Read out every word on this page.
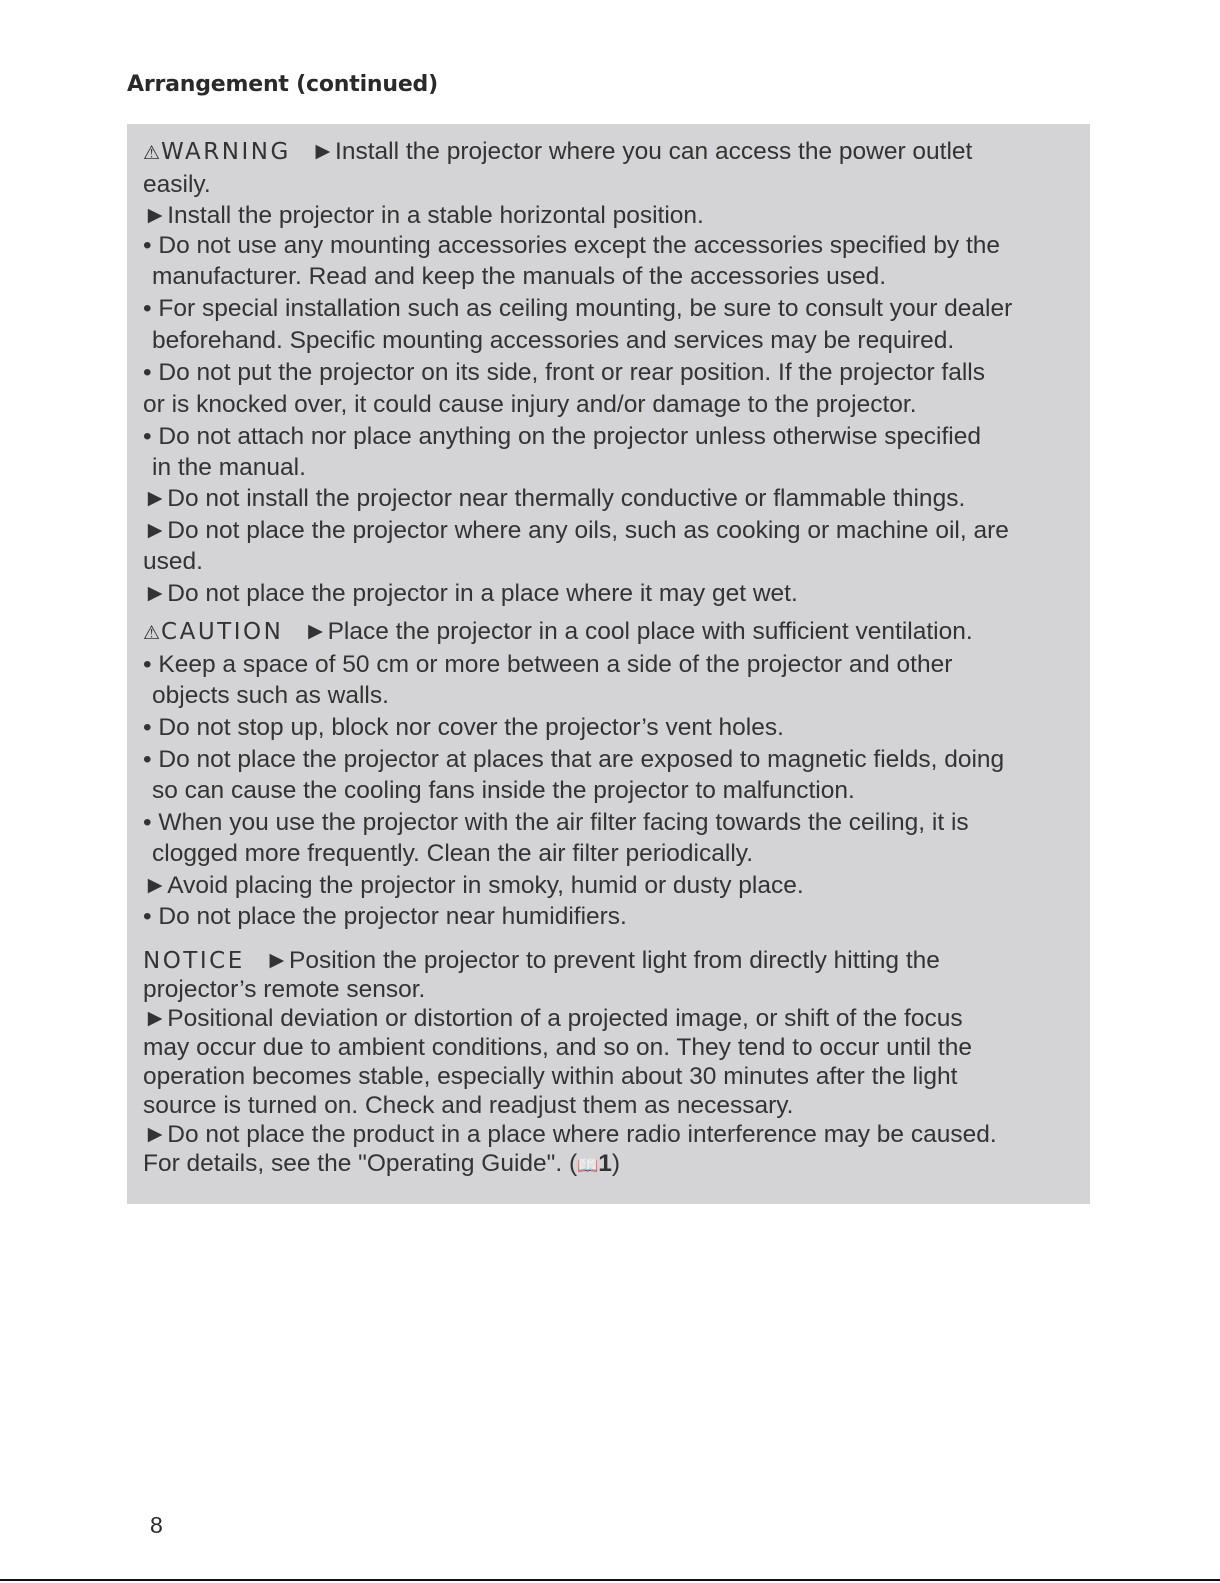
Arrangement (continued)
⚠WARNING ►Install the projector where you can access the power outlet
easily.
►Install the projector in a stable horizontal position.
• Do not use any mounting accessories except the accessories specified by the
manufacturer. Read and keep the manuals of the accessories used.
• For special installation such as ceiling mounting, be sure to consult your dealer
beforehand. Specific mounting accessories and services may be required.
• Do not put the projector on its side, front or rear position. If the projector falls
or is knocked over, it could cause injury and/or damage to the projector.
• Do not attach nor place anything on the projector unless otherwise specified
in the manual.
►Do not install the projector near thermally conductive or flammable things.
►Do not place the projector where any oils, such as cooking or machine oil, are
used.
►Do not place the projector in a place where it may get wet.
⚠CAUTION ►Place the projector in a cool place with sufficient ventilation.
• Keep a space of 50 cm or more between a side of the projector and other
objects such as walls.
• Do not stop up, block nor cover the projector’s vent holes.
• Do not place the projector at places that are exposed to magnetic fields, doing
so can cause the cooling fans inside the projector to malfunction.
• When you use the projector with the air filter facing towards the ceiling, it is
clogged more frequently. Clean the air filter periodically.
►Avoid placing the projector in smoky, humid or dusty place.
• Do not place the projector near humidifiers.
NOTICE ►Position the projector to prevent light from directly hitting the
projector’s remote sensor.
►Positional deviation or distortion of a projected image, or shift of the focus
may occur due to ambient conditions, and so on. They tend to occur until the
operation becomes stable, especially within about 30 minutes after the light
source is turned on. Check and readjust them as necessary.
►Do not place the product in a place where radio interference may be caused.
For details, see the "Operating Guide". (📖1)
8
